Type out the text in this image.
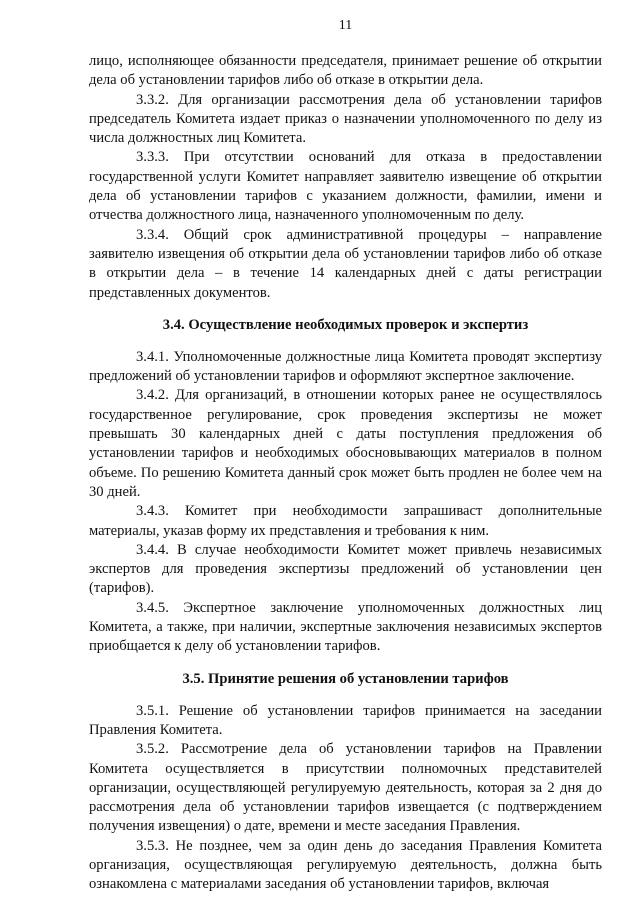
11

лицо, исполняющее обязанности председателя, принимает решение об открытии дела об установлении тарифов либо об отказе в открытии дела.

3.3.2. Для организации рассмотрения дела об установлении тарифов председатель Комитета издает приказ о назначении уполномоченного по делу из числа должностных лиц Комитета.

3.3.3. При отсутствии оснований для отказа в предоставлении государственной услуги Комитет направляет заявителю извещение об открытии дела об установлении тарифов с указанием должности, фамилии, имени и отчества должностного лица, назначенного уполномоченным по делу.

3.3.4. Общий срок административной процедуры – направление заявителю извещения об открытии дела об установлении тарифов либо об отказе в открытии дела – в течение 14 календарных дней с даты регистрации представленных документов.

3.4. Осуществление необходимых проверок и экспертиз

3.4.1. Уполномоченные должностные лица Комитета проводят экспертизу предложений об установлении тарифов и оформляют экспертное заключение.

3.4.2. Для организаций, в отношении которых ранее не осуществлялось государственное регулирование, срок проведения экспертизы не может превышать 30 календарных дней с даты поступления предложения об установлении тарифов и необходимых обосновывающих материалов в полном объеме. По решению Комитета данный срок может быть продлен не более чем на 30 дней.

3.4.3. Комитет при необходимости запрашиваст дополнительные материалы, указав форму их представления и требования к ним.

3.4.4. В случае необходимости Комитет может привлечь независимых экспертов для проведения экспертизы предложений об установлении цен (тарифов).

3.4.5. Экспертное заключение уполномоченных должностных лиц Комитета, а также, при наличии, экспертные заключения независимых экспертов приобщается к делу об установлении тарифов.

3.5. Принятие решения об установлении тарифов

3.5.1. Решение об установлении тарифов принимается на заседании Правления Комитета.

3.5.2. Рассмотрение дела об установлении тарифов на Правлении Комитета осуществляется в присутствии полномочных представителей организации, осуществляющей регулируемую деятельность, которая за 2 дня до рассмотрения дела об установлении тарифов извещается (с подтверждением получения извещения) о дате, времени и месте заседания Правления.

3.5.3. Не позднее, чем за один день до заседания Правления Комитета организация, осуществляющая регулируемую деятельность, должна быть ознакомлена с материалами заседания об установлении тарифов, включая
